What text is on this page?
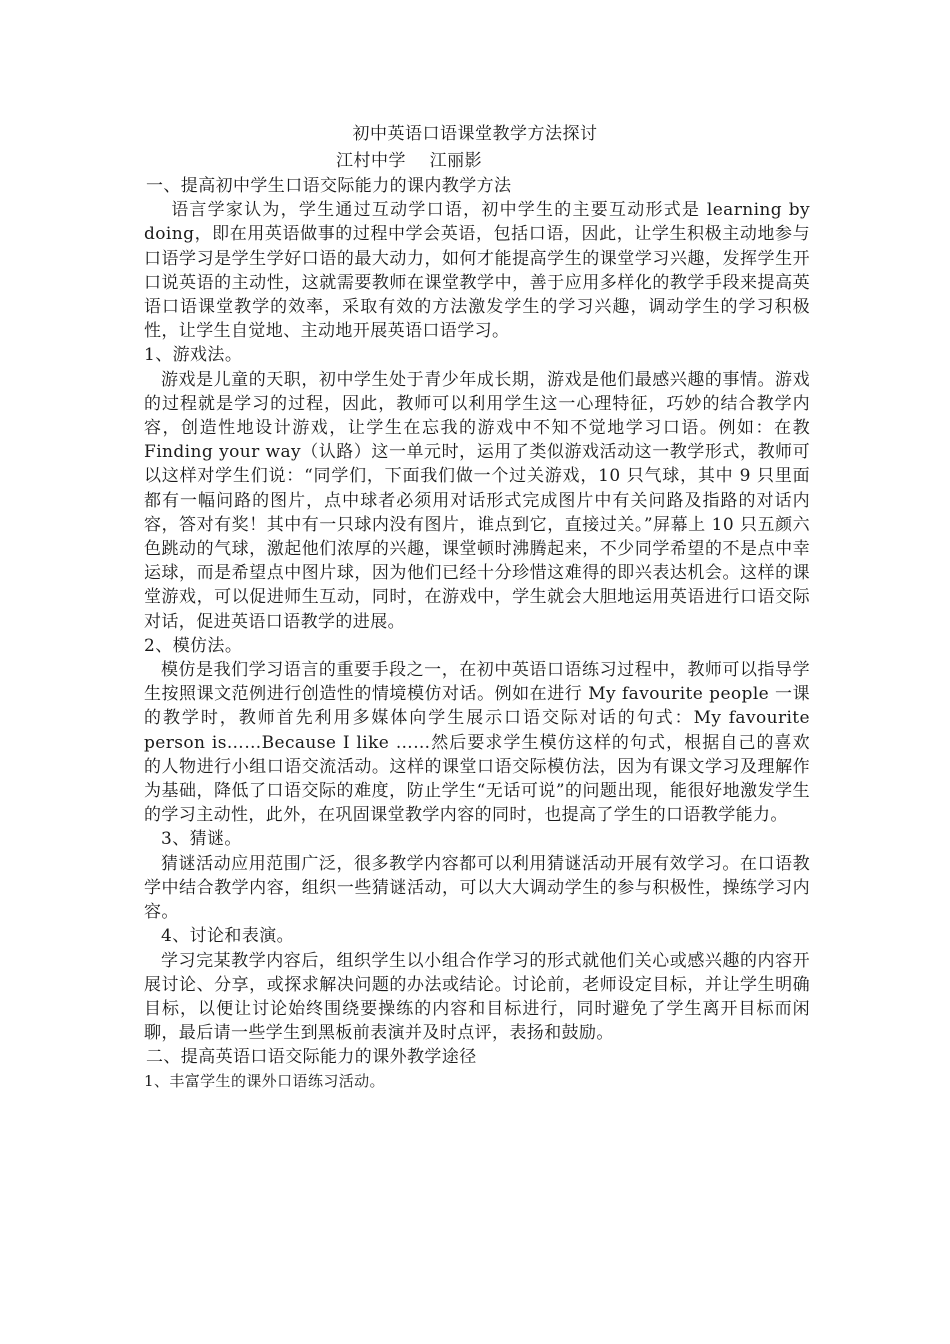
初中英语口语课堂教学方法探讨
江村中学    江丽影

一、提高初中学生口语交际能力的课内教学方法

语言学家认为，学生通过互动学口语，初中学生的主要互动形式是 learning by doing，即在用英语做事的过程中学会英语，包括口语，因此，让学生积极主动地参与口语学习是学生学好口语的最大动力，如何才能提高学生的课堂学习兴趣，发挥学生开口说英语的主动性，这就需要教师在课堂教学中，善于应用多样化的教学手段来提高英语口语课堂教学的效率，采取有效的方法激发学生的学习兴趣，调动学生的学习积极性，让学生自觉地、主动地开展英语口语学习。

1、游戏法。

游戏是儿童的天职，初中学生处于青少年成长期，游戏是他们最感兴趣的事情。游戏的过程就是学习的过程，因此，教师可以利用学生这一心理特征，巧妙的结合教学内容，创造性地设计游戏，让学生在忘我的游戏中不知不觉地学习口语。例如：在教 Finding your way（认路）这一单元时，运用了类似游戏活动这一教学形式，教师可以这样对学生们说：“同学们，下面我们做一个过关游戏，10 只气球，其中 9 只里面都有一幅问路的图片，点中球者必须用对话形式完成图片中有关问路及指路的对话内容，答对有奖！其中有一只球内没有图片，谁点到它，直接过关。”屏幕上 10 只五颜六色跳动的气球，激起他们浓厚的兴趣，课堂顿时沸腾起来，不少同学希望的不是点中幸运球，而是希望点中图片球，因为他们已经十分珍惜这难得的即兴表达机会。这样的课堂游戏，可以促进师生互动，同时，在游戏中，学生就会大胆地运用英语进行口语交际对话，促进英语口语教学的进展。

2、模仿法。

模仿是我们学习语言的重要手段之一，在初中英语口语练习过程中，教师可以指导学生按照课文范例进行创造性的情境模仿对话。例如在进行 My favourite people 一课的教学时，教师首先利用多媒体向学生展示口语交际对话的句式：My favourite person is……Because I like ……然后要求学生模仿这样的句式，根据自己的喜欢的人物进行小组口语交流活动。这样的课堂口语交际模仿法，因为有课文学习及理解作为基础，降低了口语交际的难度，防止学生“无话可说”的问题出现，能很好地激发学生的学习主动性，此外，在巩固课堂教学内容的同时，也提高了学生的口语教学能力。

3、猜谜。

猜谜活动应用范围广泛，很多教学内容都可以利用猜谜活动开展有效学习。在口语教学中结合教学内容，组织一些猜谜活动，可以大大调动学生的参与积极性，操练学习内容。

4、讨论和表演。

学习完某教学内容后，组织学生以小组合作学习的形式就他们关心或感兴趣的内容开展讨论、分享，或探求解决问题的办法或结论。讨论前，老师设定目标，并让学生明确目标，以便让讨论始终围绕要操练的内容和目标进行，同时避免了学生离开目标而闲聊，最后请一些学生到黑板前表演并及时点评，表扬和鼓励。

二、提高英语口语交际能力的课外教学途径

1、丰富学生的课外口语练习活动。
